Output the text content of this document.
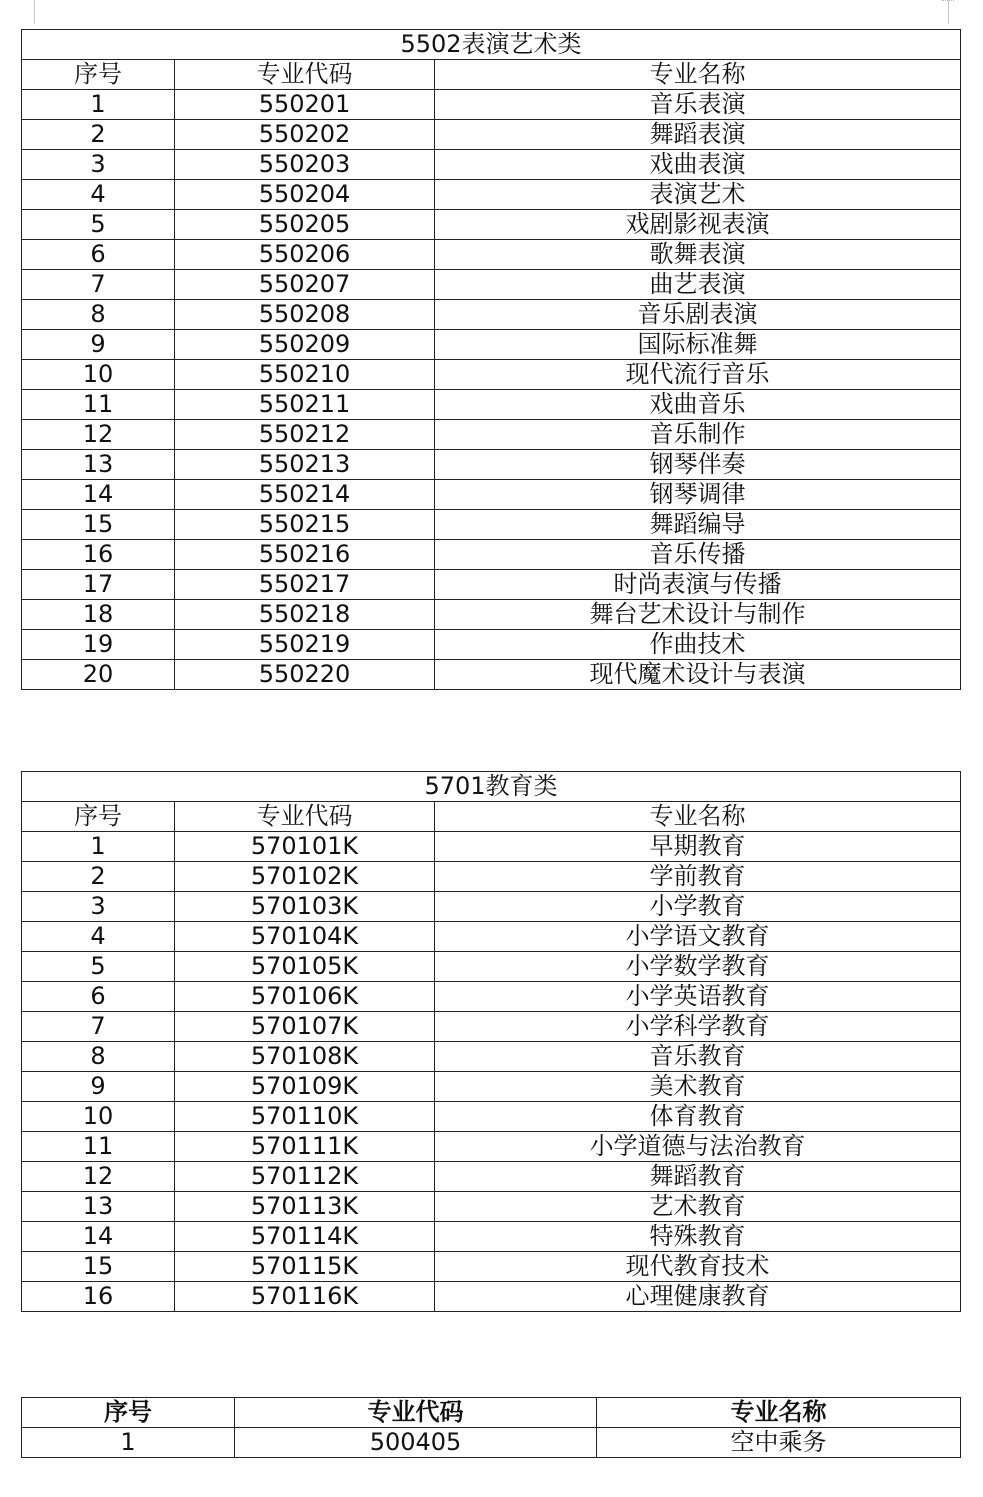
5502表演艺术类		
序号	专业代码	专业名称
1	550201	音乐表演
2	550202	舞蹈表演
3	550203	戏曲表演
4	550204	表演艺术
5	550205	戏剧影视表演
6	550206	歌舞表演
7	550207	曲艺表演
8	550208	音乐剧表演
9	550209	国际标准舞
10	550210	现代流行音乐
11	550211	戏曲音乐
12	550212	音乐制作
13	550213	钢琴伴奏
14	550214	钢琴调律
15	550215	舞蹈编导
16	550216	音乐传播
17	550217	时尚表演与传播
18	550218	舞台艺术设计与制作
19	550219	作曲技术
20	550220	现代魔术设计与表演
5701教育类		
序号	专业代码	专业名称
1	570101K	早期教育
2	570102K	学前教育
3	570103K	小学教育
4	570104K	小学语文教育
5	570105K	小学数学教育
6	570106K	小学英语教育
7	570107K	小学科学教育
8	570108K	音乐教育
9	570109K	美术教育
10	570110K	体育教育
11	570111K	小学道德与法治教育
12	570112K	舞蹈教育
13	570113K	艺术教育
14	570114K	特殊教育
15	570115K	现代教育技术
16	570116K	心理健康教育
序号	专业代码	专业名称
1	500405	空中乘务
